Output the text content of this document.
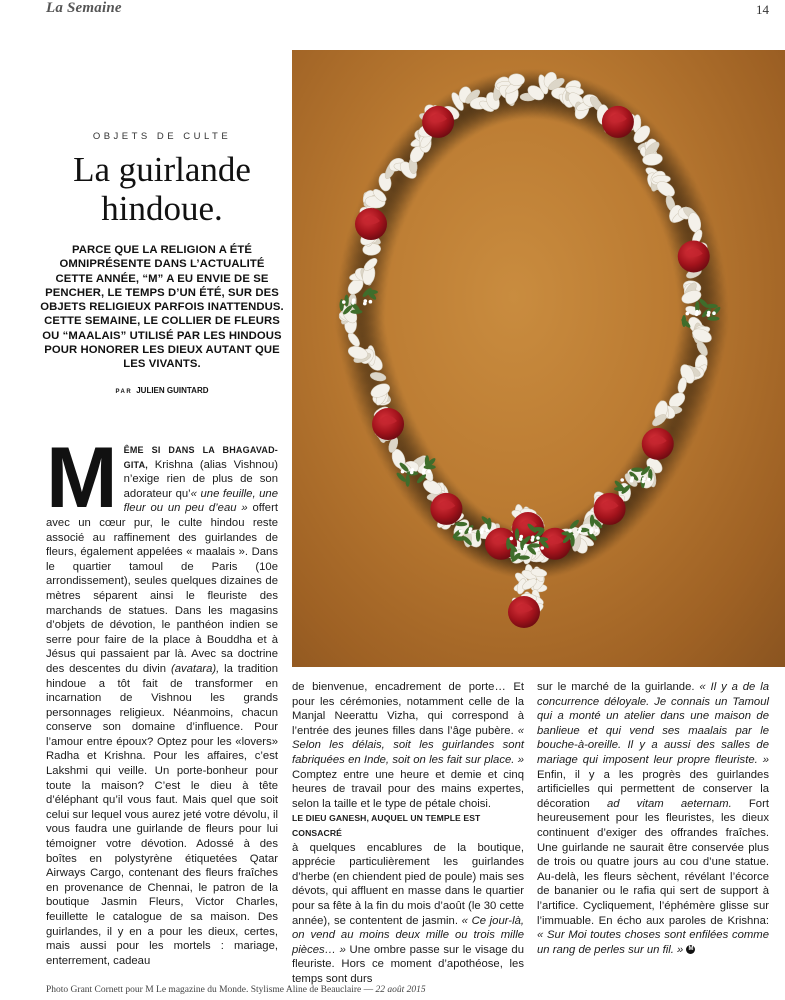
La Semaine	14
OBJETS DE CULTE
La guirlande
hindoue.

PARCE QUE LA RELIGION A ÉTÉ OMNIPRÉSENTE DANS L’ACTUALITÉ CETTE ANNÉE, “M” A EU ENVIE DE SE PENCHER, LE TEMPS D’UN ÉTÉ, SUR DES OBJETS RELIGIEUX PARFOIS INATTENDUS. CETTE SEMAINE, LE COLLIER DE FLEURS OU “MAALAIS” UTILISÉ PAR LES HINDOUS POUR HONORER LES DIEUX AUTANT QUE LES VIVANTS.

PAR JULIEN GUINTARD

MÊME SI DANS LA BHAGAVAD-GITA, Krishna (alias Vishnou) n’exige rien de plus de son adorateur qu’« une feuille, une fleur ou un peu d’eau » offert avec un cœur pur, le culte hindou reste associé au raffinement des guirlandes de fleurs, également appelées « maalais ». Dans le quartier tamoul de Paris (10e arrondissement), seules quelques dizaines de mètres séparent ainsi le fleuriste des marchands de statues. Dans les magasins d’objets de dévotion, le panthéon indien se serre pour faire de la place à Bouddha et à Jésus qui passaient par là. Avec sa doctrine des descentes du divin (avatara), la tradition hindoue a tôt fait de transformer en incarnation de Vishnou les grands personnages religieux. Néanmoins, chacun conserve son domaine d’influence. Pour l’amour entre époux? Optez pour les «lovers» Radha et Krishna. Pour les affaires, c’est Lakshmi qui veille. Un porte-bonheur pour toute la maison? C’est le dieu à tête d’éléphant qu’il vous faut. Mais quel que soit celui sur lequel vous aurez jeté votre dévolu, il vous faudra une guirlande de fleurs pour lui témoigner votre dévotion. Adossé à des boîtes en polystyrène étiquetées Qatar Airways Cargo, contenant des fleurs fraîches en provenance de Chennai, le patron de la boutique Jasmin Fleurs, Victor Charles, feuillette le catalogue de sa maison. Des guirlandes, il y en a pour les dieux, certes, mais aussi pour les mortels : mariage, enterrement, cadeau

de bienvenue, encadrement de porte… Et pour les cérémonies, notamment celle de la Manjal Neerattu Vizha, qui correspond à l’entrée des jeunes filles dans l’âge pubère. « Selon les délais, soit les guirlandes sont fabriquées en Inde, soit on les fait sur place. » Comptez entre une heure et demie et cinq heures de travail pour des mains expertes, selon la taille et le type de pétale choisi.
LE DIEU GANESH, AUQUEL UN TEMPLE EST CONSACRÉ
à quelques encablures de la boutique, apprécie particulièrement les guirlandes d’herbe (en chiendent pied de poule) mais ses dévots, qui affluent en masse dans le quartier pour sa fête à la fin du mois d’août (le 30 cette année), se contentent de jasmin. « Ce jour-là, on vend au moins deux mille ou trois mille pièces… » Une ombre passe sur le visage du fleuriste. Hors ce moment d’apothéose, les temps sont durs

sur le marché de la guirlande. « Il y a de la concurrence déloyale. Je connais un Tamoul qui a monté un atelier dans une maison de banlieue et qui vend ses maalais par le bouche-à-oreille. Il y a aussi des salles de mariage qui imposent leur propre fleuriste. » Enfin, il y a les progrès des guirlandes artificielles qui permettent de conserver la décoration ad vitam aeternam. Fort heureusement pour les fleuristes, les dieux continuent d’exiger des offrandes fraîches. Une guirlande ne saurait être conservée plus de trois ou quatre jours au cou d’une statue. Au-delà, les fleurs sèchent, révélant l’écorce de bananier ou le rafia qui sert de support à l’artifice. Cycliquement, l’éphémère glisse sur l’immuable. En écho aux paroles de Krishna: « Sur Moi toutes choses sont enfilées comme un rang de perles sur un fil. » M

Photo Grant Cornett pour M Le magazine du Monde. Stylisme Aline de Beauclaire — 22 août 2015
